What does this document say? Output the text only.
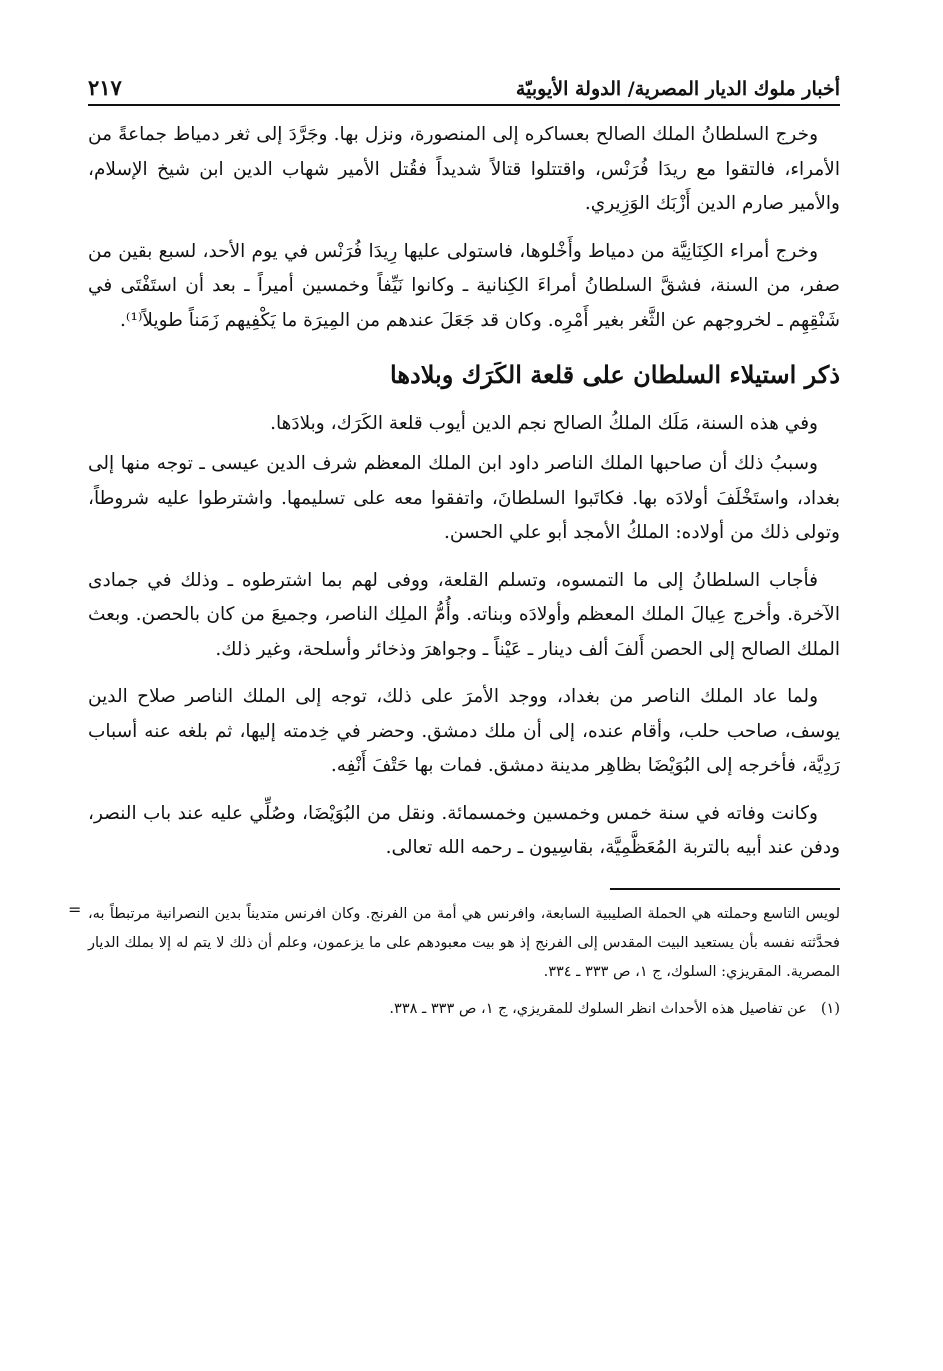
أخبار ملوك الديار المصرية/ الدولة الأيوبيّة
٢١٧

وخرج السلطانُ الملك الصالح بعساكره إلى المنصورة، ونزل بها. وجَرَّدَ إلى ثغر دمياط جماعةً من الأمراء، فالتقوا مع ريدَا فُرَنْس، واقتتلوا قتالاً شديداً فقُتل الأمير شهاب الدين ابن شيخ الإسلام، والأمير صارم الدين أَزْبَك الوَزِيري.

وخرج أمراء الكِنَانِيَّة من دمياط وأَخْلوها، فاستولى عليها رِيدَا فُرَنْس في يوم الأحد، لسبع بقين من صفر، من السنة، فشقَّ السلطانُ أمراءَ الكِنانية ـ وكانوا نَيِّفاً وخمسين أميراً ـ بعد أن استَفْتَى في شَنْقِهِم ـ لخروجهم عن الثَّغر بغير أَمْرِه. وكان قد جَعَلَ عندهم من المِيرَة ما يَكْفِيهم زَمَناً طويلاً⁽¹⁾.

ذكر استيلاء السلطان على قلعة الكَرَك وبلادها

وفي هذه السنة، مَلَك الملكُ الصالح نجم الدين أيوب قلعة الكَرَك، وبلادَها.

وسببُ ذلك أن صاحبها الملك الناصر داود ابن الملك المعظم شرف الدين عيسى ـ توجه منها إلى بغداد، واستَخْلَفَ أولادَه بها. فكاتَبوا السلطانَ، واتفقوا معه على تسليمها. واشترطوا عليه شروطاً، وتولى ذلك من أولاده: الملكُ الأمجد أبو علي الحسن.

فأجاب السلطانُ إلى ما التمسوه، وتسلم القلعة، ووفى لهم بما اشترطوه ـ وذلك في جمادى الآخرة. وأخرج عِيالَ الملك المعظم وأولادَه وبناته. وأُمُّ الملِك الناصر، وجميعَ من كان بالحصن. وبعث الملك الصالح إلى الحصن أَلفَ ألف دينار ـ عَيْناً ـ وجواهرَ وذخائر وأسلحة، وغير ذلك.

ولما عاد الملك الناصر من بغداد، ووجد الأمرَ على ذلك، توجه إلى الملك الناصر صلاح الدين يوسف، صاحب حلب، وأقام عنده، إلى أن ملك دمشق. وحضر في خِدمته إليها، ثم بلغه عنه أسباب رَدِيَّة، فأخرجه إلى البُوَيْضَا بظاهِر مدينة دمشق. فمات بها حَتْفَ أَنْفِه.

وكانت وفاته في سنة خمس وخمسين وخمسمائة. ونقل من البُوَيْضَا، وصُلِّي عليه عند باب النصر، ودفن عند أبيه بالتربة المُعَظَّمِيَّة، بقاسِيون ـ رحمه الله تعالى.

= لويس التاسع وحملته هي الحملة الصليبية السابعة، وافرنس هي أمة من الفرنج. وكان افرنس متديناً بدين النصرانية مرتبطاً به، فحدَّثته نفسه بأن يستعيد البيت المقدس إلى الفرنج إذ هو بيت معبودهم على ما يزعمون، وعلم أن ذلك لا يتم له إلا بملك الديار المصرية. المقريزي: السلوك، ج ١، ص ٣٣٣ ـ ٣٣٤.

(١)عن تفاصيل هذه الأحداث انظر السلوك للمقريزي، ج ١، ص ٣٣٣ ـ ٣٣٨.
